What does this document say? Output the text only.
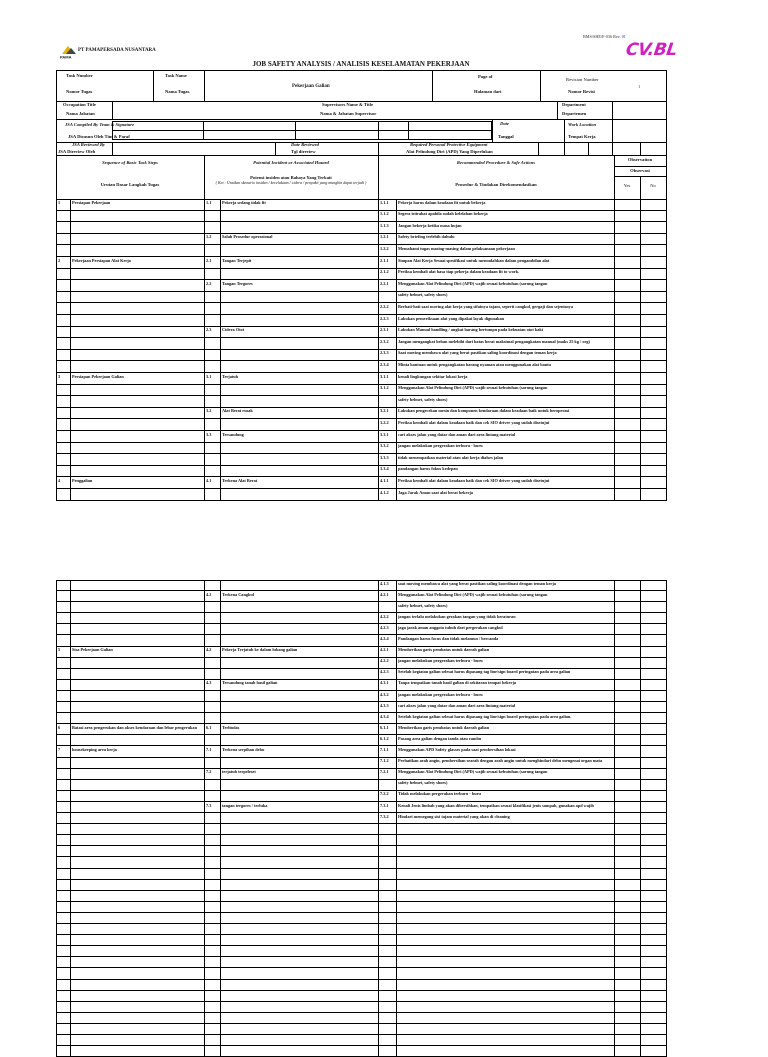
BMS/SHE/F-036 Rev. 01
PAMA
PT PAMAPERSADA NUSANTARA	CV.BL
JOB SAFETY ANALYSIS / ANALISIS KESELAMATAN PEKERJAAN
Task Number
Nomor Tugas
Task Name
Nama Tugas
Pekerjaan Galian
Page of
Halaman dari
Revision Number
Nomor Revisi
1
Occupation Title
Nama Jabatan
Supervisors Name & Title
Nama & Jabatan Supervisor
Department
Departemen
JSA Compiled By Team & Signature
JSA Disusun Oleh Tim & Paraf
Date
Tanggal
Work Location
Tempat Kerja
JSA Reviewed By
JSA Direview Oleh
Date Reviewed
Tgl direview
Required Personal Protective Equipment
Alat Pelindung Diri (APD) Yang Diperlukan
Sequence of Basic Task Steps
Urutan Dasar Langkah Tugas
Potential Incident or Associated Hazard
Potensi insiden atau Bahaya Yang Terkait
( Ket : Uraikan skenario insiden / kecelakaan / cidera / penyakit yang mungkin dapat terjadi )
Recommended Procedure & Safe Actions
Prosedur & Tindakan Direkomendasikan
Observation
Observasi
Yes	No
1	Persiapan Pekerjaan	1.1	Pekerja sedang tidak fit	1.1.1	Pekerja harus dalam keadaan fit untuk bekerja
1.1.2	Segera istirahat apabila sudah kelelahan bekerja
1.1.3	Jangan bekerja ketika masa hujan
1.2	Salah Prosedur operasional	1.2.1	Safety briefing terlebih dahulu
1.2.2	Memahami tugas masing-masing dalam pelaksanaan pekerjaan
2	Pekerjaan Persiapan Alat Kerja	2.1	Tangan Terjepit	2.1.1	Simpan Alat Kerja Sesuai spesifikasi untuk memudahkan dalam pengambilan alat
2.1.2	Periksa kembali alat hasa tiap pekerja dalam keadaan fit to work.
2.2	Tangan Tergores	2.2.1	Menggunakan Alat Pelindung Diri (APD) wajib sesuai kebutuhan (sarung tangan
safety helmet, safety shoes)
2.2.2	Berhati-hati saat moving alat kerja yang sifatnya tajam, seperti cangkul, gergaji dan sejenisnya
2.2.3	Lakukan pemeriksaan alat yang dipakai layak digunakan
2.3	Cidera Otot	2.3.1	Lakukan Manual handling / angkat barang bertumpu pada kekuatan otot kaki
2.3.2	Jangan mengangkat beban melebihi dari batas berat maksimal pengangkatan manual (maks 25 kg / org)
2.3.3	Saat moving membawa alat yang berat pastikan saling koordinasi dengan teman kerja
2.3.4	Minta bantuan untuk pengangkatan barang nyaman atau menggunakan alat bantu
3	Persiapan Pekerjaan Galian	3.1	Terjatuh	3.1.1	kenali lingkungan sekitar lokasi kerja
3.1.2	Menggunakan Alat Pelindung Diri (APD) wajib sesuai kebutuhan (sarung tangan
safety helmet, safety shoes)
3.2	Alat Berat rusak	3.2.1	Lakukan pengecekan mesin dan komponen kendaraan dalam keadaan baik untuk beroperasi
3.2.2	Periksa kembali alat dalam keadaan baik dan cek SIO driver yang sudah disetujui
3.3	Tersandung	3.3.1	cari akses jalan yang datar dan aman dari area lintang material
3.3.2	jangan melakukan pergerakan terburu - buru
3.3.3	tidak menempatkan material atau alat kerja dialses jalan
3.3.4	pandangan harus fokus kedepan
4	Penggalian	4.1	Terkena Alat Berat	4.1.1	Periksa kembali alat dalam keadaan baik dan cek SIO driver yang sudah disetujui
4.1.2	Jaga Jarak Aman saat alat berat bekerja
4.1.3	saat moving membawa alat yang berat pastikan saling koordinasi dengan teman kerja
4.2	Terkena Cangkul	4.2.1	Menggunakan Alat Pelindung Diri (APD) wajib sesuai kebutuhan (sarung tangan
safety helmet, safety shoes)
4.2.2	jangan terlalu melakukan gerakan tangan yang tidak beraturan
4.2.3	jaga jarak aman anggota tubuh dari pergerakan cangkul
4.2.4	Pandangan harus focus dan tidak melamun / bercanda
5	Sisa Pekerjaan Galian	4.2	Pekerja Terjatuh ke dalam lubang galian	4.2.1	Memberikan garis pembatas untuk daerah galian
4.2.2	jangan melakukan pergerakan terburu - buru
4.2.3	Setelah kegiatan galian selesai harus dipasang tag line/sign board peringatan pada area galian
4.3	Tersandung tanah hasil galian	4.3.1	Tanpa tempatkan tanah hasil galian di sekitaran tempat bekerja
4.3.2	jangan melakukan pergerakan terburu - buru
4.3.3	cari akses jalan yang datar dan aman dari area lintang material
4.3.4	Setelah kegiatan galian selesai harus dipasang tag line/sign board peringatan pada area galian.
6	Batasi area pengerukan dan akses kendaraan dan lebar pengerukan	6.1	Terlindas	6.1.1	Memberikan garis pembatas untuk daerah galian
6.1.2	Pasang area galian dengan tanda atau rambu
7	housekeeping area kerja	7.1	Terkena serpihan debu	7.1.1	Menggunakan APD Safety glasses pada saat pembersihan lokasi
7.1.2	Perhatikan arah angin, pembersihan searah dengan arah angin untuk menghindari debu mengenai organ mata
7.2	terjatuh terpeleset	7.2.1	Menggunakan Alat Pelindung Diri (APD) wajib sesuai kebutuhan (sarung tangan
safety helmet, safety shoes)
7.2.2	Tidak melakukan pergerakan terburu - buru
7.3	tangan tergores / terluka	7.3.1	Kenali Jenis limbah yang akan dibersihkan, tempatkan sesuai klasifikasi jenis sampah, gunakan apd wajib
7.3.2	Hindari memegang sisi tajam material yang akan di cleaning
